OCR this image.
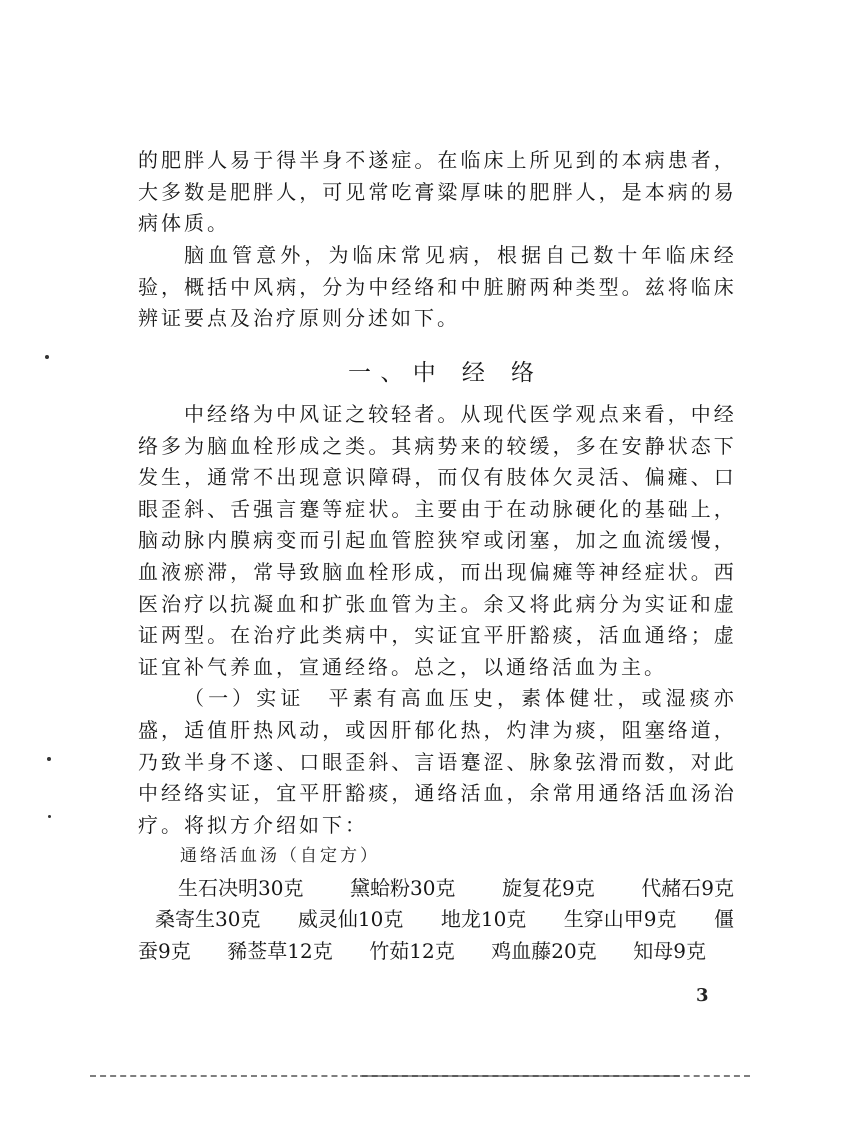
的 肥 胖 人 易 于 得 半 身 不 遂 症 。 在 临 床 上 所 见 到 的 本 病 患 者 ，
大 多 数 是 肥 胖 人 ， 可 见 常 吃 膏 粱 厚 味 的 肥 胖 人 ， 是 本 病 的 易
病体质。
脑 血 管 意 外 ， 为 临 床 常 见 病 ， 根 据 自 己 数 十 年 临 床 经
验 ， 概 括 中 风 病 ， 分 为 中 经 络 和 中 脏 腑 两 种 类 型 。 兹 将 临 床
辨证要点及治疗原则分述如下。
一 、 中
经
络
中 经 络 为 中 风 证 之 较 轻 者 。 从 现 代 医 学 观 点 来 看 ， 中 经
络 多 为 脑 血 栓 形 成 之 类 。 其 病 势 来 的 较 缓 ， 多 在 安 静 状 态 下
发 生 ， 通 常 不 出 现 意 识 障 碍 ， 而 仅 有 肢 体 欠 灵 活 、 偏 瘫 、 口
眼 歪 斜 、 舌 强 言 蹇 等 症 状 。 主 要 由 于 在 动 脉 硬 化 的 基 础 上 ，
脑 动 脉 内 膜 病 变 而 引 起 血 管 腔 狭 窄 或 闭 塞 ， 加 之 血 流 缓 慢 ，
血 液 瘀 滞 ， 常 导 致 脑 血 栓 形 成 ， 而 出 现 偏 瘫 等 神 经 症 状 。 西
医 治 疗 以 抗 凝 血 和 扩 张 血 管 为 主 。 余 又 将 此 病 分 为 实 证 和 虚
证 两 型 。 在 治 疗 此 类 病 中 ， 实 证 宜 平 肝 豁 痰 ， 活 血 通 络 ； 虚
证宜补气养血，宣通经络。总之，以通络活血为主。
（ 一 ） 实 证
　 平 素 有 高 血 压 史 ， 素 体 健 壮 ， 或 湿 痰 亦
盛 ， 适 值 肝 热 风 动 ， 或 因 肝 郁 化 热 ， 灼 津 为 痰 ， 阻 塞 络 道 ，
乃 致 半 身 不 遂 、 口 眼 歪 斜 、 言 语 蹇 涩 、 脉 象 弦 滑 而 数 ， 对 此
中 经 络 实 证 ， 宜 平 肝 豁 痰 ， 通 络 活 血 ， 余 常 用 通 络 活 血 汤 治
疗。将拟方介绍如下：
通络活血汤（自定方）
生石决明30克 黛蛤粉30克 旋复花9克 代赭石9克
桑寄生30克 威灵仙10克 地龙10克 生穿山甲9克 僵
蚕9克 豨莶草12克 竹茹12克 鸡血藤20克 知母9克
3
